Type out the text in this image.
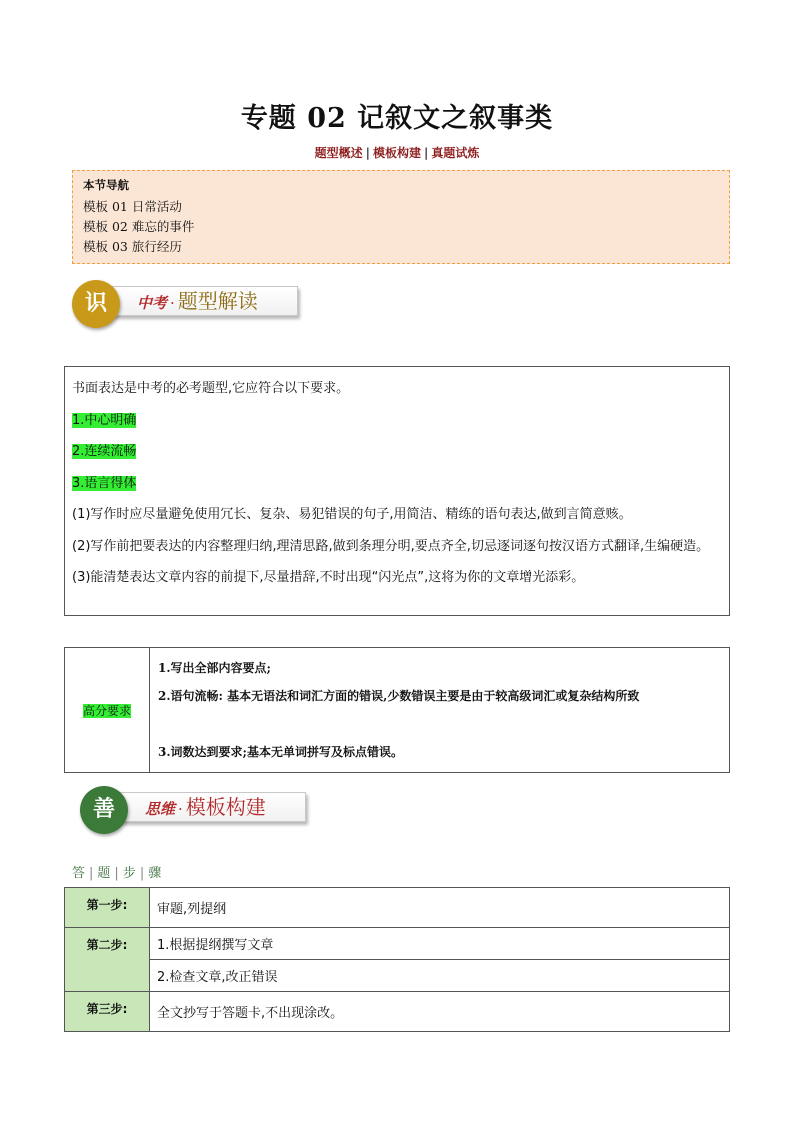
专题 02 记叙文之叙事类
题型概述 | 模板构建 | 真题试炼
本节导航
模板 01 日常活动
模板 02 难忘的事件
模板 03 旅行经历
中考 · 题型解读
识

书面表达是中考的必考题型,它应符合以下要求。

1.中心明确

2.连续流畅

3.语言得体

(1)写作时应尽量避免使用冗长、复杂、易犯错误的句子,用简洁、精练的语句表达,做到言简意赅。

(2)写作前把要表达的内容整理归纳,理清思路,做到条理分明,要点齐全,切忌逐词逐句按汉语方式翻译,生编硬造。

(3)能清楚表达文章内容的前提下,尽量措辞,不时出现“闪光点”,这将为你的文章增光添彩。

高分要求	
1.写出全部内容要点;
2.语句流畅: 基本无语法和词汇方面的错误,少数错误主要是由于较高级词汇或复杂结构所致
3.词数达到要求;基本无单词拼写及标点错误。
思维 · 模板构建
善
答 | 题 | 步 | 骤
第一步:	审题,列提纲
第二步:	1.根据提纲撰写文章
	2.检查文章,改正错误
第三步:	全文抄写于答题卡,不出现涂改。
